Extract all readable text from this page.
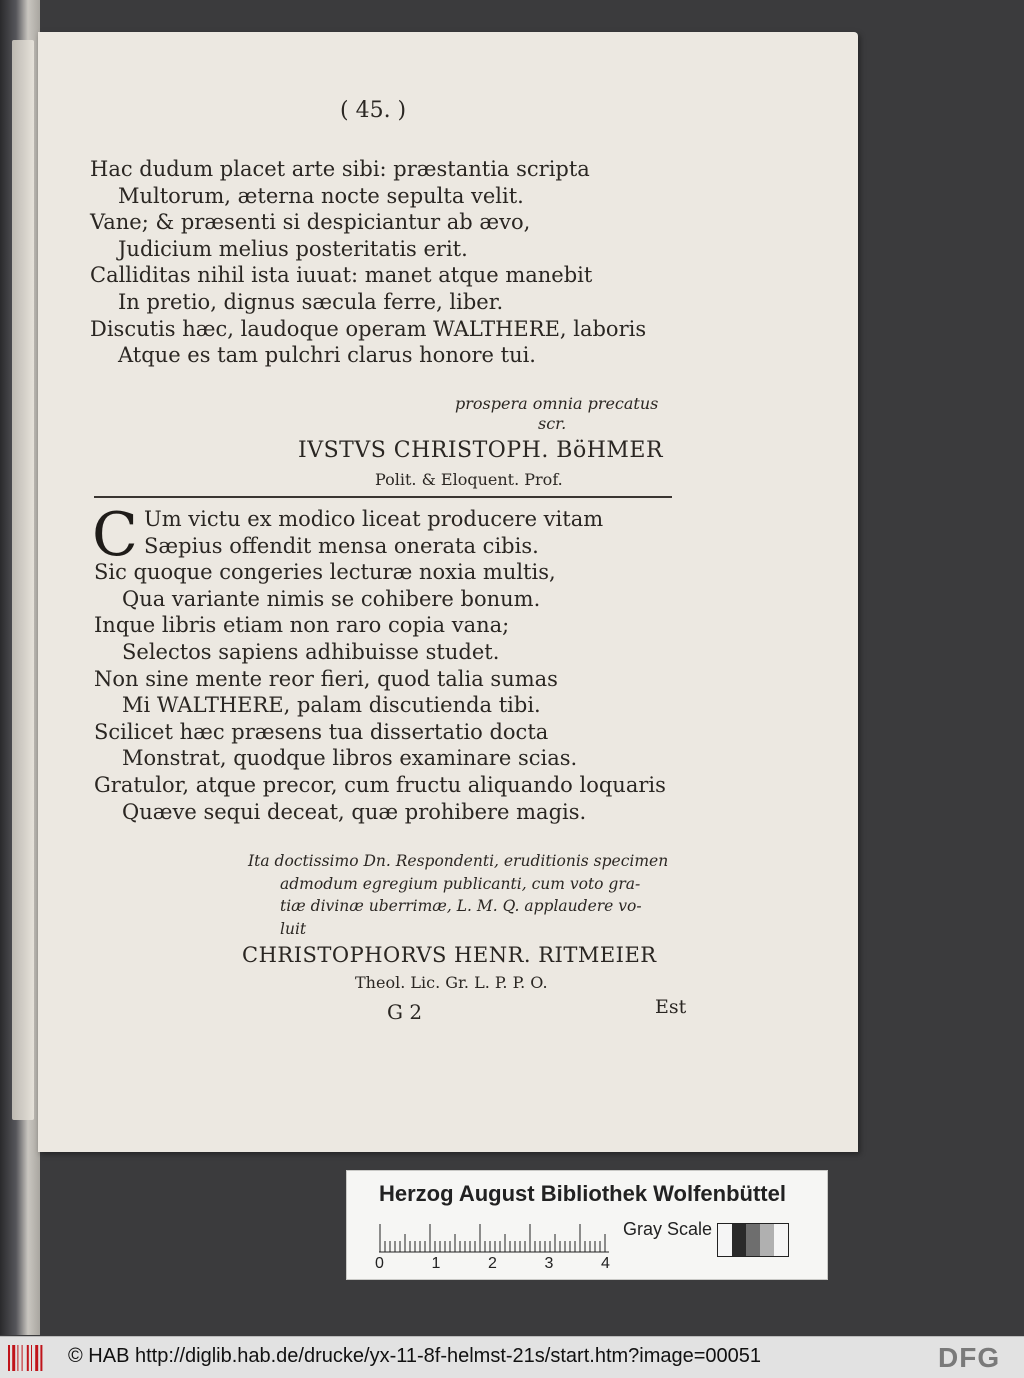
( 45. )
Hac dudum placet arte sibi: præstantia scripta
Multorum, æterna nocte sepulta velit.
Vane; & præsenti si despiciantur ab ævo,
Judicium melius posteritatis erit.
Calliditas nihil ista iuuat: manet atque manebit
In pretio, dignus sæcula ferre, liber.
Discutis hæc, laudoque operam WALTHERE, laboris
Atque es tam pulchri clarus honore tui.
prospera omnia precatus
scr.
IVSTVS CHRISTOPH. BöHMER
Polit. & Eloquent. Prof.
C Um victu ex modico liceat producere vitam
Sæpius offendit mensa onerata cibis.
Sic quoque congeries lecturæ noxia multis,
Qua variante nimis se cohibere bonum.
Inque libris etiam non raro copia vana;
Selectos sapiens adhibuisse studet.
Non sine mente reor fieri, quod talia sumas
Mi WALTHERE, palam discutienda tibi.
Scilicet hæc præsens tua dissertatio docta
Monstrat, quodque libros examinare scias.
Gratulor, atque precor, cum fructu aliquando loquaris
Quæve sequi deceat, quæ prohibere magis.
Ita doctissimo Dn. Respondenti, eruditionis specimen
admodum egregium publicanti, cum voto gra-
tiæ divinæ uberrimæ, L. M. Q. applaudere vo-
luit
CHRISTOPHORVS HENR. RITMEIER
Theol. Lic. Gr. L. P. P. O.
G 2	Est
Herzog August Bibliothek Wolfenbüttel
0	1	2	3	4
Gray Scale
© HAB http://diglib.hab.de/drucke/yx-11-8f-helmst-21s/start.htm?image=00051	DFG
